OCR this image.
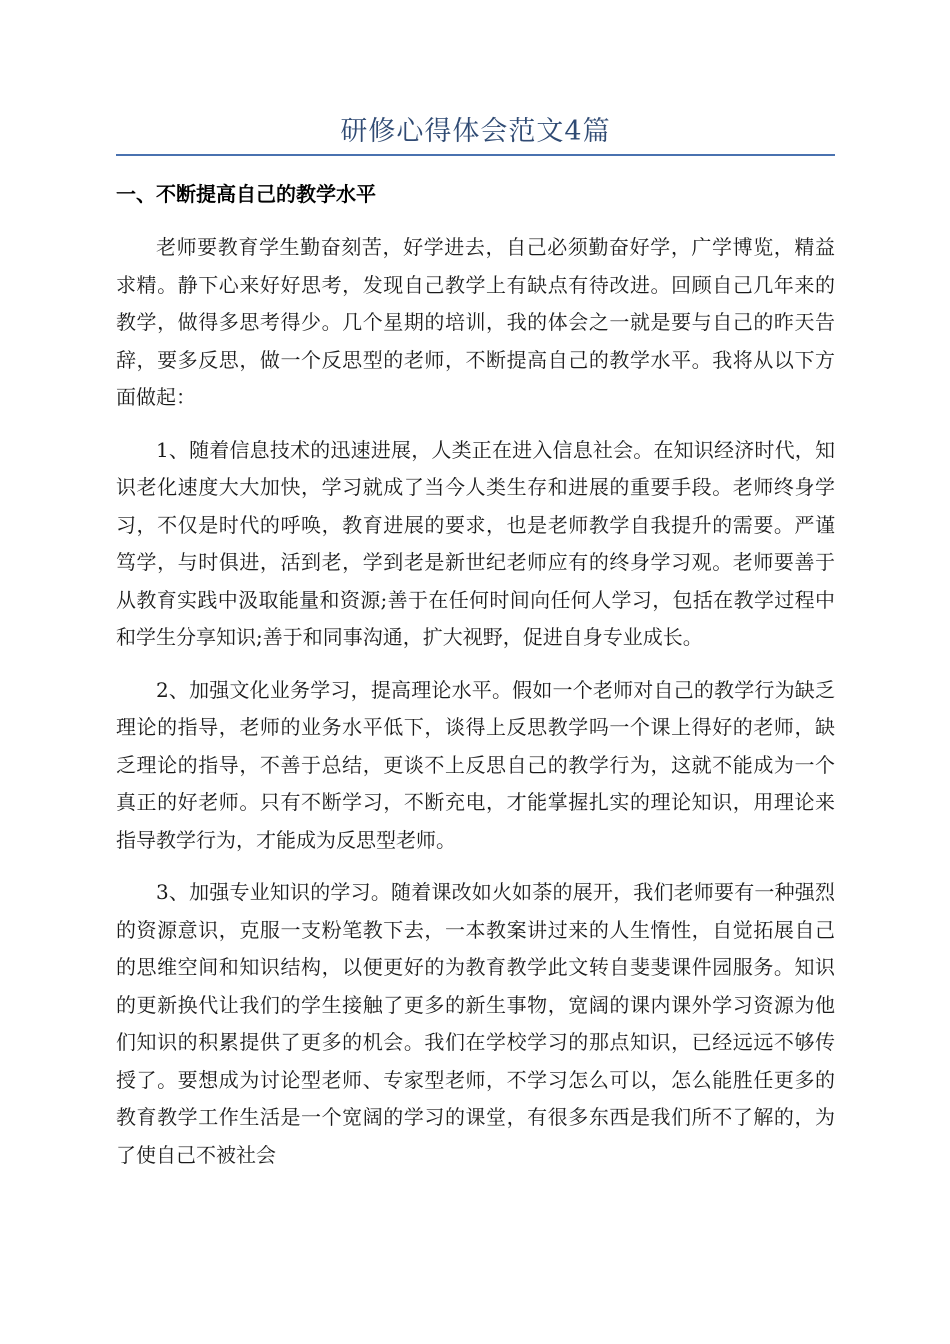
研修心得体会范文4篇
一、不断提高自己的教学水平

老师要教育学生勤奋刻苦，好学进去，自己必须勤奋好学，广学博览，精益求精。静下心来好好思考，发现自己教学上有缺点有待改进。回顾自己几年来的教学，做得多思考得少。几个星期的培训，我的体会之一就是要与自己的昨天告辞，要多反思，做一个反思型的老师，不断提高自己的教学水平。我将从以下方面做起：

1、随着信息技术的迅速进展，人类正在进入信息社会。在知识经济时代，知识老化速度大大加快，学习就成了当今人类生存和进展的重要手段。老师终身学习，不仅是时代的呼唤，教育进展的要求，也是老师教学自我提升的需要。严谨笃学，与时俱进，活到老，学到老是新世纪老师应有的终身学习观。老师要善于从教育实践中汲取能量和资源;善于在任何时间向任何人学习，包括在教学过程中和学生分享知识;善于和同事沟通，扩大视野，促进自身专业成长。

2、加强文化业务学习，提高理论水平。假如一个老师对自己的教学行为缺乏理论的指导，老师的业务水平低下，谈得上反思教学吗一个课上得好的老师，缺乏理论的指导，不善于总结，更谈不上反思自己的教学行为，这就不能成为一个真正的好老师。只有不断学习，不断充电，才能掌握扎实的理论知识，用理论来指导教学行为，才能成为反思型老师。

3、加强专业知识的学习。随着课改如火如荼的展开，我们老师要有一种强烈的资源意识，克服一支粉笔教下去，一本教案讲过来的人生惰性，自觉拓展自己的思维空间和知识结构，以便更好的为教育教学此文转自斐斐课件园服务。知识的更新换代让我们的学生接触了更多的新生事物，宽阔的课内课外学习资源为他们知识的积累提供了更多的机会。我们在学校学习的那点知识，已经远远不够传授了。要想成为讨论型老师、专家型老师，不学习怎么可以，怎么能胜任更多的教育教学工作生活是一个宽阔的学习的课堂，有很多东西是我们所不了解的，为了使自己不被社会
